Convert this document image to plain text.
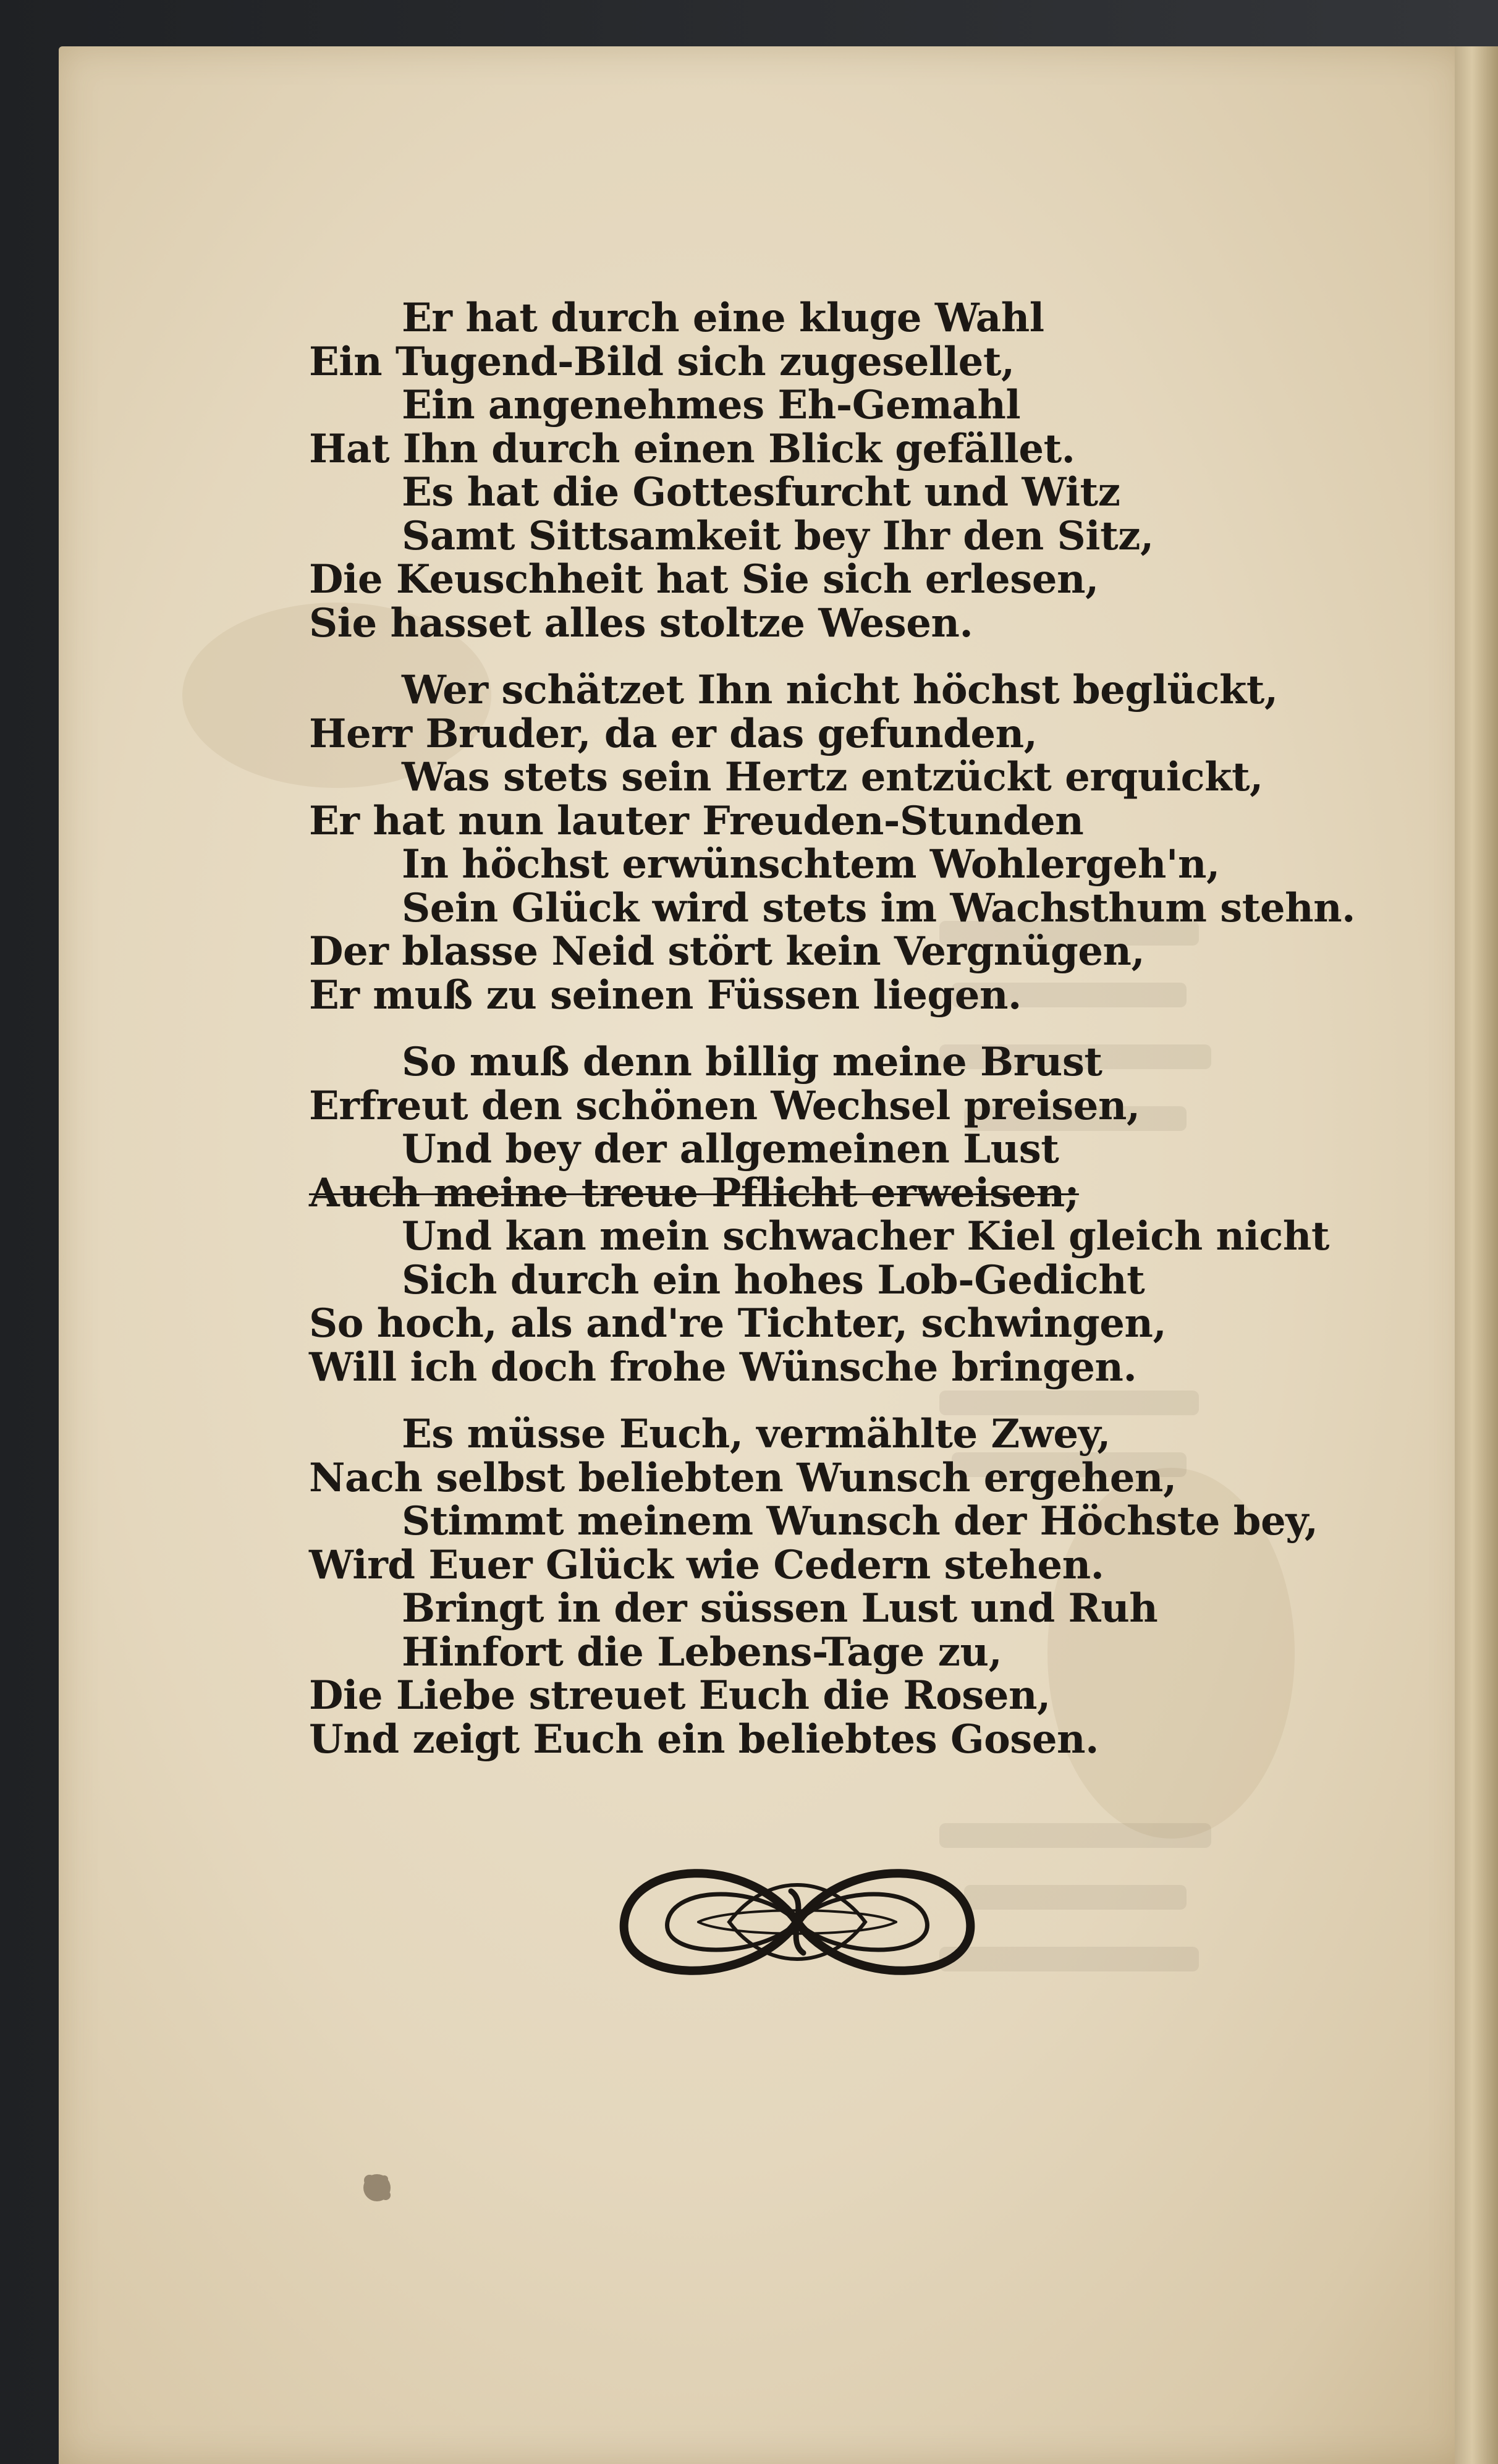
Er hat durch eine kluge Wahl
Ein Tugend-Bild sich zugesellet,
Ein angenehmes Eh-Gemahl
Hat Ihn durch einen Blick gefället.
Es hat die Gottesfurcht und Witz
Samt Sittsamkeit bey Ihr den Sitz,
Die Keuschheit hat Sie sich erlesen,
Sie hasset alles stoltze Wesen.
Wer schätzet Ihn nicht höchst beglückt,
Herr Bruder, da er das gefunden,
Was stets sein Hertz entzückt erquickt,
Er hat nun lauter Freuden-Stunden
In höchst erwünschtem Wohlergeh'n,
Sein Glück wird stets im Wachsthum stehn.
Der blasse Neid stört kein Vergnügen,
Er muß zu seinen Füssen liegen.
So muß denn billig meine Brust
Erfreut den schönen Wechsel preisen,
Und bey der allgemeinen Lust
Auch meine treue Pflicht erweisen;
Und kan mein schwacher Kiel gleich nicht
Sich durch ein hohes Lob-Gedicht
So hoch, als and're Tichter, schwingen,
Will ich doch frohe Wünsche bringen.
Es müsse Euch, vermählte Zwey,
Nach selbst beliebten Wunsch ergehen,
Stimmt meinem Wunsch der Höchste bey,
Wird Euer Glück wie Cedern stehen.
Bringt in der süssen Lust und Ruh
Hinfort die Lebens-Tage zu,
Die Liebe streuet Euch die Rosen,
Und zeigt Euch ein beliebtes Gosen.
